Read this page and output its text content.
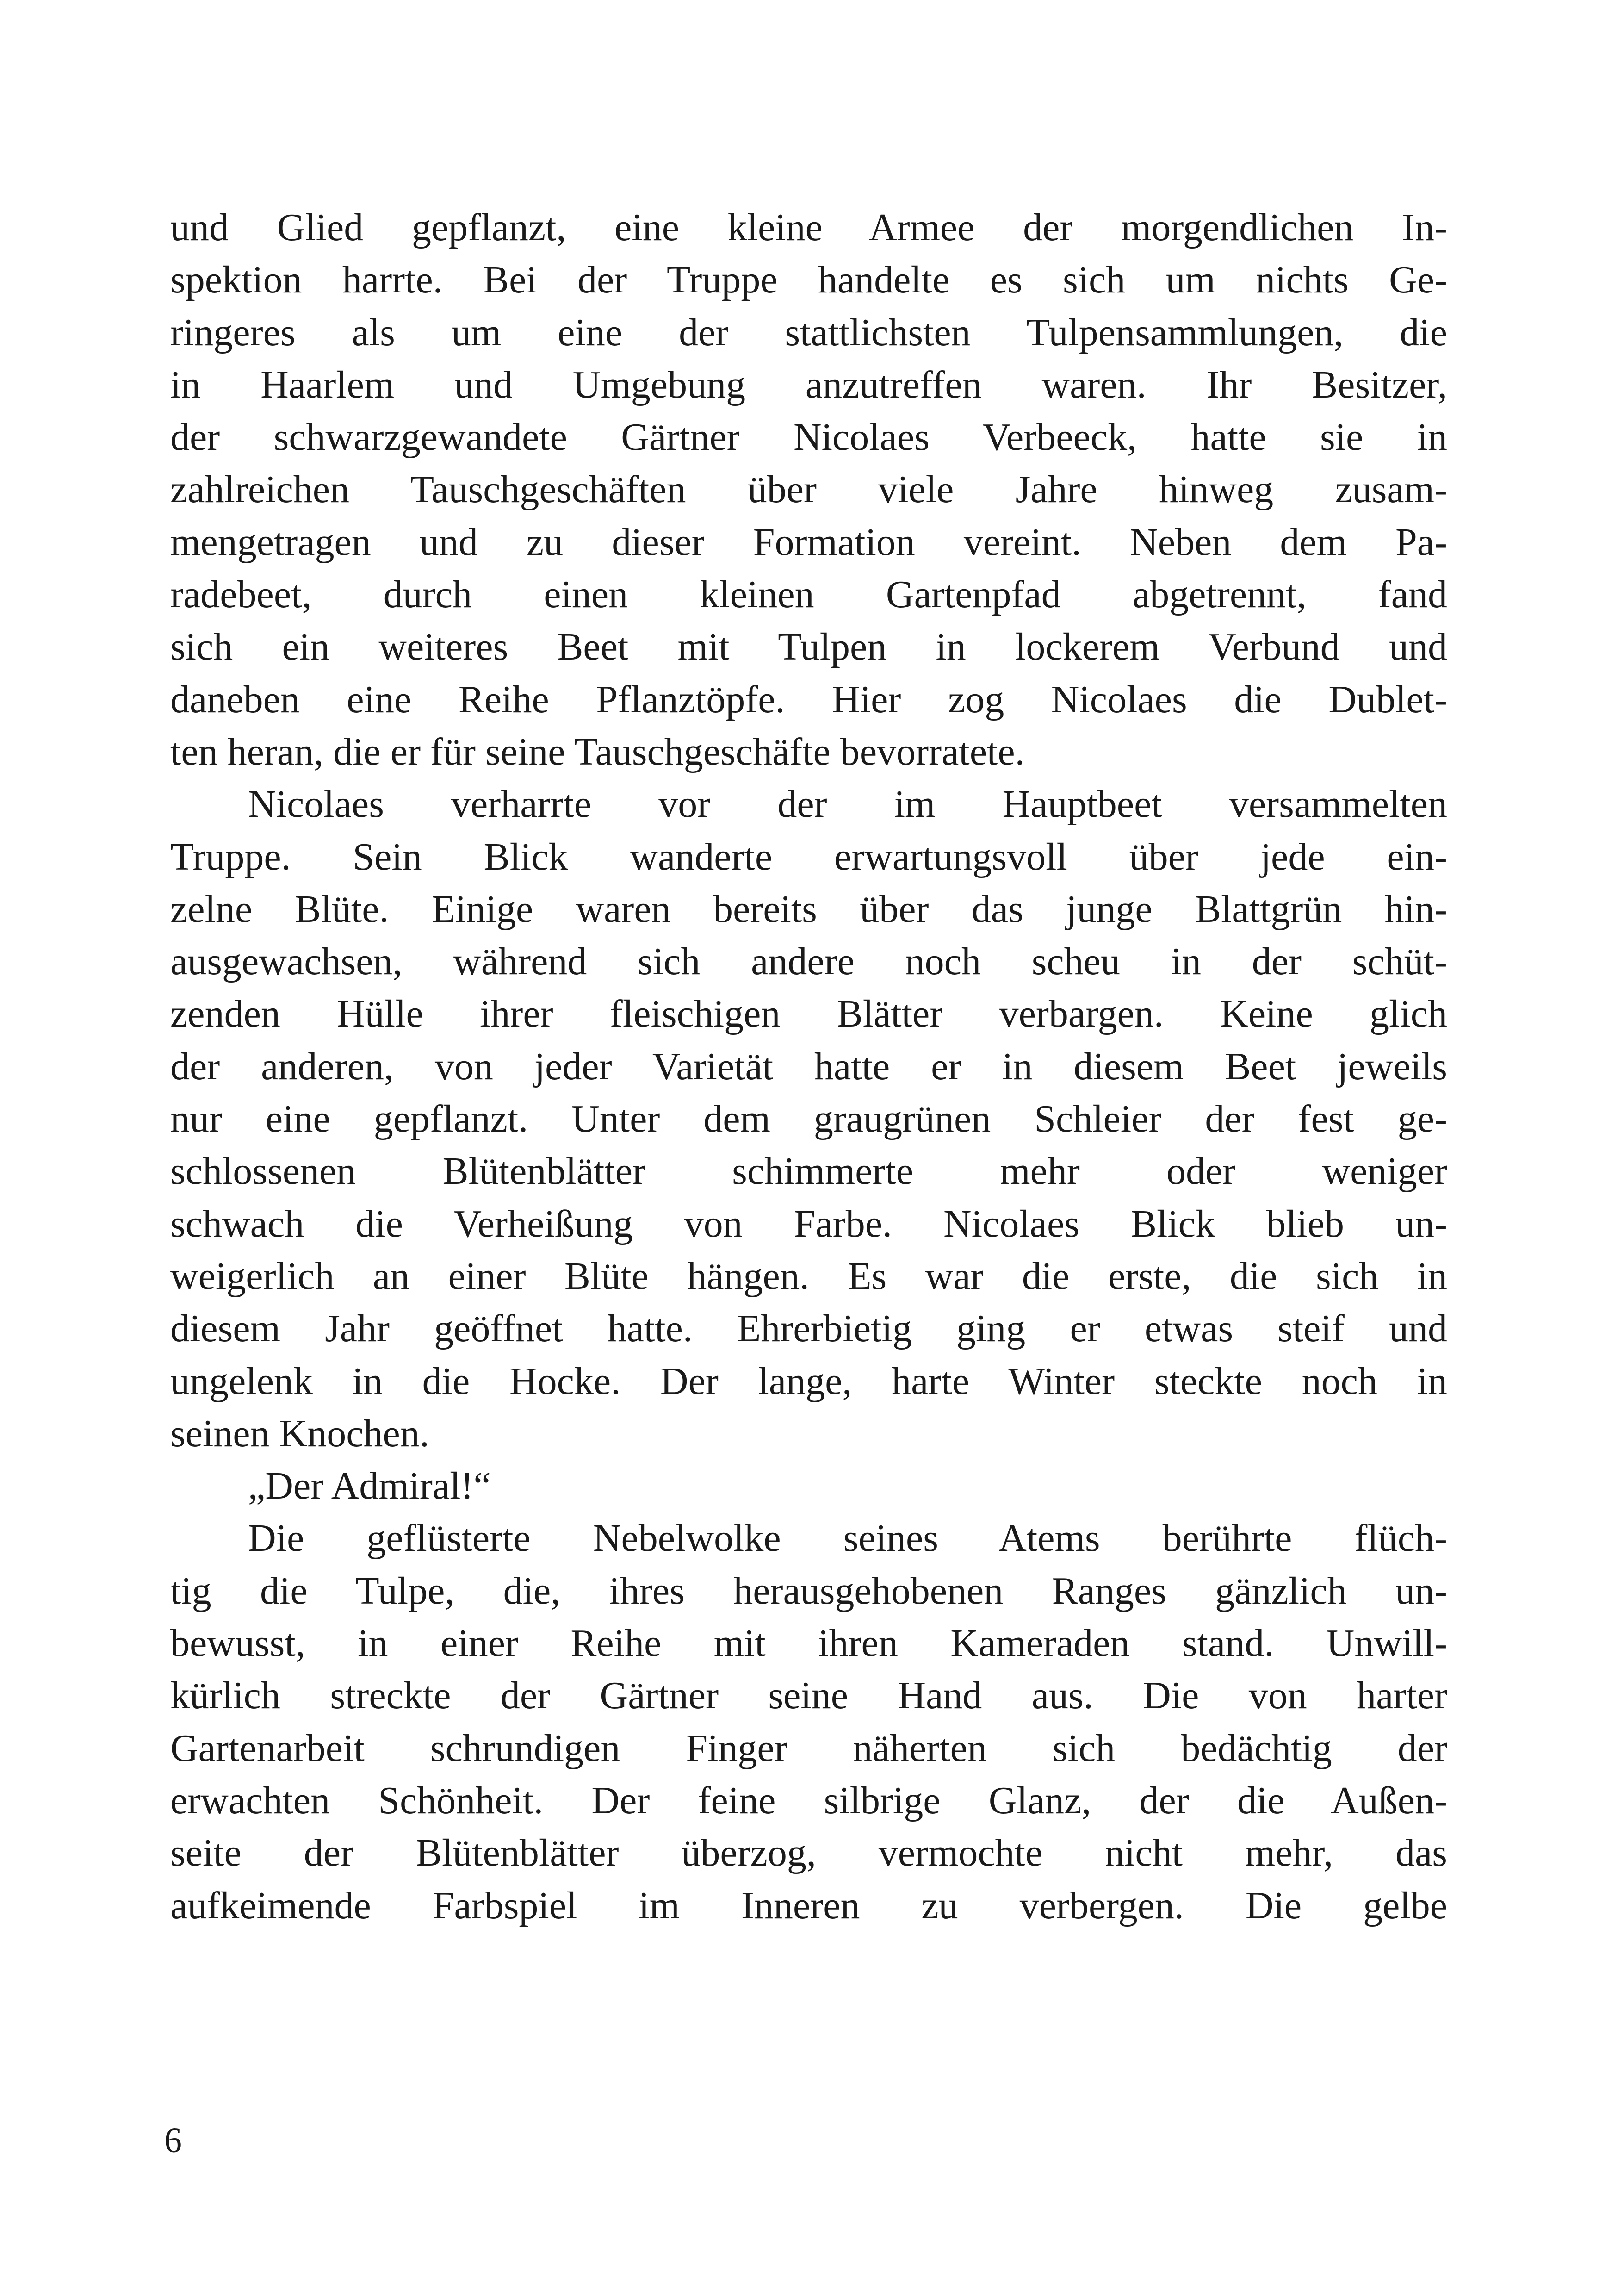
und Glied gepflanzt, eine kleine Armee der morgendlichen In-
spektion harrte. Bei der Truppe handelte es sich um nichts Ge-
ringeres als um eine der stattlichsten Tulpensammlungen, die
in Haarlem und Umgebung anzutreffen waren. Ihr Besitzer,
der schwarzgewandete Gärtner Nicolaes Verbeeck, hatte sie in
zahlreichen Tauschgeschäften über viele Jahre hinweg zusam-
mengetragen und zu dieser Formation vereint. Neben dem Pa-
radebeet, durch einen kleinen Gartenpfad abgetrennt, fand
sich ein weiteres Beet mit Tulpen in lockerem Verbund und
daneben eine Reihe Pflanztöpfe. Hier zog Nicolaes die Dublet-
ten heran, die er für seine Tauschgeschäfte bevorratete.
Nicolaes verharrte vor der im Hauptbeet versammelten
Truppe. Sein Blick wanderte erwartungsvoll über jede ein-
zelne Blüte. Einige waren bereits über das junge Blattgrün hin-
ausgewachsen, während sich andere noch scheu in der schüt-
zenden Hülle ihrer fleischigen Blätter verbargen. Keine glich
der anderen, von jeder Varietät hatte er in diesem Beet jeweils
nur eine gepflanzt. Unter dem graugrünen Schleier der fest ge-
schlossenen Blütenblätter schimmerte mehr oder weniger
schwach die Verheißung von Farbe. Nicolaes Blick blieb un-
weigerlich an einer Blüte hängen. Es war die erste, die sich in
diesem Jahr geöffnet hatte. Ehrerbietig ging er etwas steif und
ungelenk in die Hocke. Der lange, harte Winter steckte noch in
seinen Knochen.
„Der Admiral!“
Die geflüsterte Nebelwolke seines Atems berührte flüch-
tig die Tulpe, die, ihres herausgehobenen Ranges gänzlich un-
bewusst, in einer Reihe mit ihren Kameraden stand. Unwill-
kürlich streckte der Gärtner seine Hand aus. Die von harter
Gartenarbeit schrundigen Finger näherten sich bedächtig der
erwachten Schönheit. Der feine silbrige Glanz, der die Außen-
seite der Blütenblätter überzog, vermochte nicht mehr, das
aufkeimende Farbspiel im Inneren zu verbergen. Die gelbe
6
